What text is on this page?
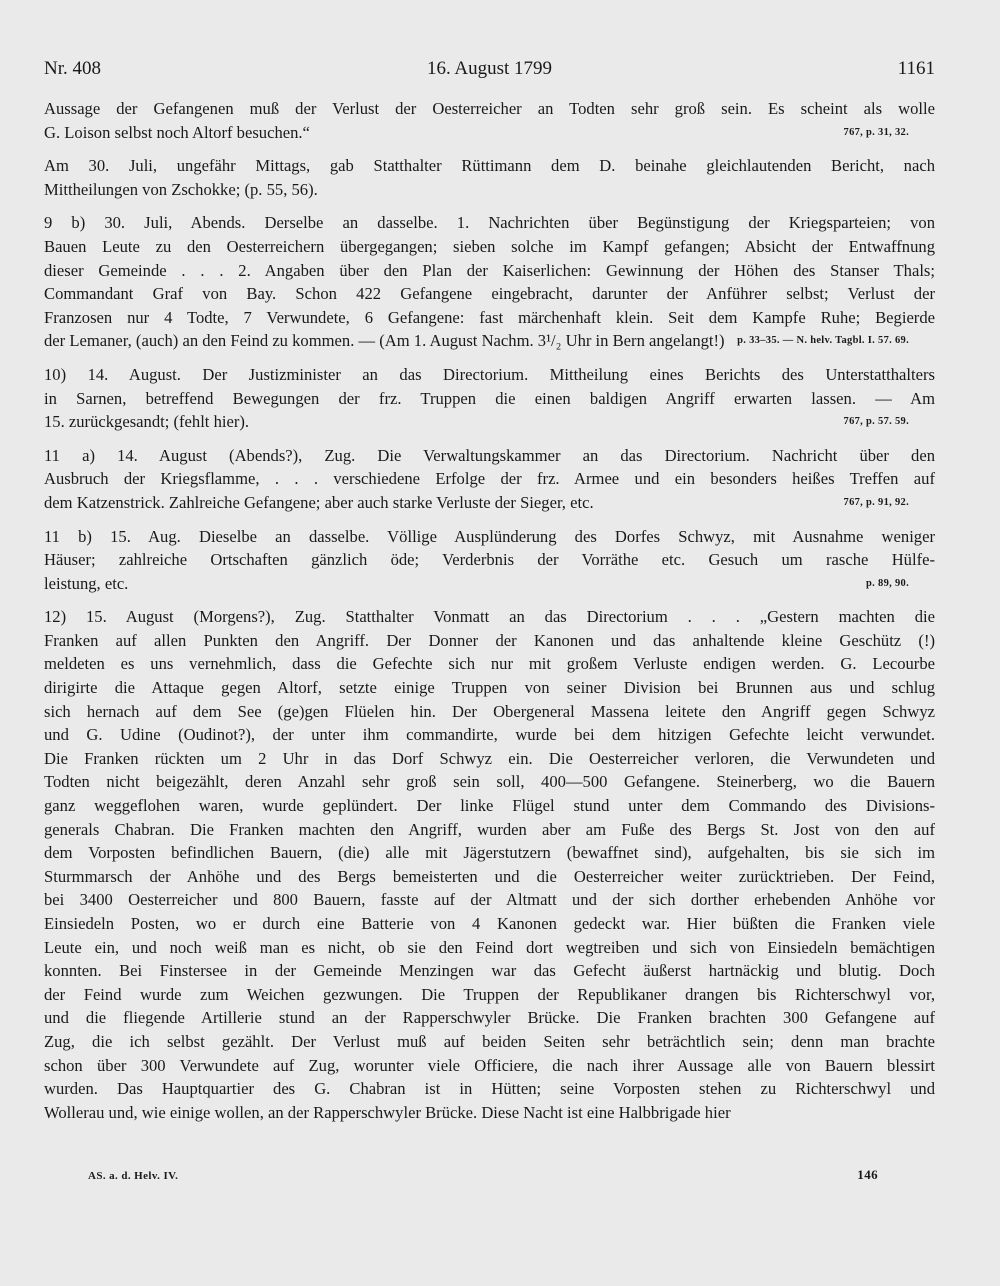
Nr. 408	16. August 1799	1161
Aussage der Gefangenen muß der Verlust der Oesterreicher an Todten sehr groß sein. Es scheint als wolle
767, p. 31, 32.
G. Loison selbst noch Altorf besuchen.“
Am 30. Juli, ungefähr Mittags, gab Statthalter Rüttimann dem D. beinahe gleichlautenden Bericht, nach
Mittheilungen von Zschokke; (p. 55, 56).
9 b) 30. Juli, Abends. Derselbe an dasselbe. 1. Nachrichten über Begünstigung der Kriegsparteien; von
Bauen Leute zu den Oesterreichern übergegangen; sieben solche im Kampf gefangen; Absicht der Entwaffnung
dieser Gemeinde . . . 2. Angaben über den Plan der Kaiserlichen: Gewinnung der Höhen des Stanser Thals;
Commandant Graf von Bay. Schon 422 Gefangene eingebracht, darunter der Anführer selbst; Verlust der
Franzosen nur 4 Todte, 7 Verwundete, 6 Gefangene: fast märchenhaft klein. Seit dem Kampfe Ruhe; Begierde
p. 33–35. — N. helv. Tagbl. I. 57. 69.
der Lemaner, (auch) an den Feind zu kommen. — (Am 1. August Nachm. 3¹/₂ Uhr in Bern angelangt!)
10) 14. August. Der Justizminister an das Directorium. Mittheilung eines Berichts des Unterstatthalters
in Sarnen, betreffend Bewegungen der frz. Truppen die einen baldigen Angriff erwarten lassen. — Am
767, p. 57. 59.
15. zurückgesandt; (fehlt hier).
11 a) 14. August (Abends?), Zug. Die Verwaltungskammer an das Directorium. Nachricht über den
Ausbruch der Kriegsflamme, . . . verschiedene Erfolge der frz. Armee und ein besonders heißes Treffen auf
767, p. 91, 92.
dem Katzenstrick. Zahlreiche Gefangene; aber auch starke Verluste der Sieger, etc.
11 b) 15. Aug. Dieselbe an dasselbe. Völlige Ausplünderung des Dorfes Schwyz, mit Ausnahme weniger
Häuser; zahlreiche Ortschaften gänzlich öde; Verderbnis der Vorräthe etc. Gesuch um rasche Hülfe-
p. 89, 90.
leistung, etc.
12) 15. August (Morgens?), Zug. Statthalter Vonmatt an das Directorium . . . „Gestern machten die
Franken auf allen Punkten den Angriff. Der Donner der Kanonen und das anhaltende kleine Geschütz (!)
meldeten es uns vernehmlich, dass die Gefechte sich nur mit großem Verluste endigen werden. G. Lecourbe
dirigirte die Attaque gegen Altorf, setzte einige Truppen von seiner Division bei Brunnen aus und schlug
sich hernach auf dem See (ge)gen Flüelen hin. Der Obergeneral Massena leitete den Angriff gegen Schwyz
und G. Udine (Oudinot?), der unter ihm commandirte, wurde bei dem hitzigen Gefechte leicht verwundet.
Die Franken rückten um 2 Uhr in das Dorf Schwyz ein. Die Oesterreicher verloren, die Verwundeten und
Todten nicht beigezählt, deren Anzahl sehr groß sein soll, 400—500 Gefangene. Steinerberg, wo die Bauern
ganz weggeflohen waren, wurde geplündert. Der linke Flügel stund unter dem Commando des Divisions-
generals Chabran. Die Franken machten den Angriff, wurden aber am Fuße des Bergs St. Jost von den auf
dem Vorposten befindlichen Bauern, (die) alle mit Jägerstutzern (bewaffnet sind), aufgehalten, bis sie sich im
Sturmmarsch der Anhöhe und des Bergs bemeisterten und die Oesterreicher weiter zurücktrieben. Der Feind,
bei 3400 Oesterreicher und 800 Bauern, fasste auf der Altmatt und der sich dorther erhebenden Anhöhe vor
Einsiedeln Posten, wo er durch eine Batterie von 4 Kanonen gedeckt war. Hier büßten die Franken viele
Leute ein, und noch weiß man es nicht, ob sie den Feind dort wegtreiben und sich von Einsiedeln bemächtigen
konnten. Bei Finstersee in der Gemeinde Menzingen war das Gefecht äußerst hartnäckig und blutig. Doch
der Feind wurde zum Weichen gezwungen. Die Truppen der Republikaner drangen bis Richterschwyl vor,
und die fliegende Artillerie stund an der Rapperschwyler Brücke. Die Franken brachten 300 Gefangene auf
Zug, die ich selbst gezählt. Der Verlust muß auf beiden Seiten sehr beträchtlich sein; denn man brachte
schon über 300 Verwundete auf Zug, worunter viele Officiere, die nach ihrer Aussage alle von Bauern blessirt
wurden. Das Hauptquartier des G. Chabran ist in Hütten; seine Vorposten stehen zu Richterschwyl und
Wollerau und, wie einige wollen, an der Rapperschwyler Brücke. Diese Nacht ist eine Halbbrigade hier
AS. a. d. Helv. IV.	146
